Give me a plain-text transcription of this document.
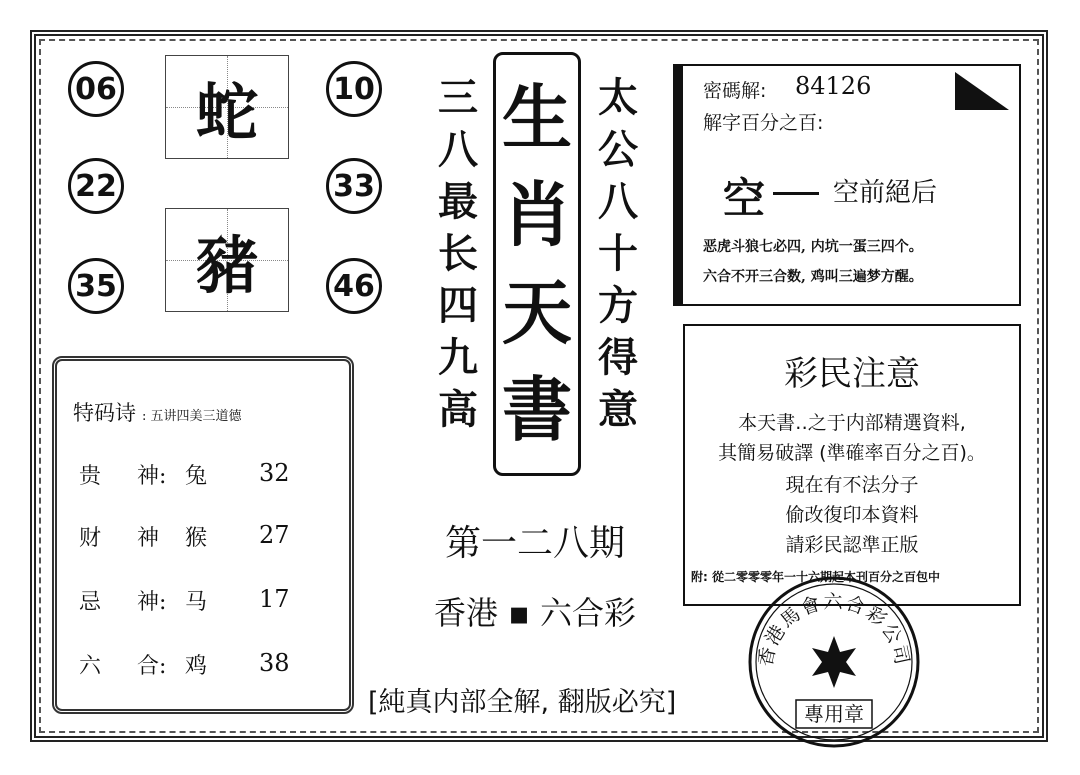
06
22
35
10
33
46
蛇
豬
三
八
最
长
四
九
高
生
肖
天
書
太
公
八
十
方
得
意
密碼解: 84126
解字百分之百:
空	空前絕后
恶虎斗狼七必四, 内坑一蛋三四个。
六合不开三合数, 鸡叫三遍梦方醒。
彩民注意
本天書‥之于内部精選資料,
其簡易破譯 (準確率百分之百)。
現在有不法分子
偷改復印本資料
請彩民認準正版
附: 從二零零零年一十六期起本刊百分之百包中
特码诗 : 五讲四美三道德
贵 神: 兔 32
财 神 猴 27
忌 神: 马 17
六 合: 鸡 38
第一二八期
香港 ▪ 六合彩
[純真内部全解, 翻版必究]
香港馬會六合彩公司
專用章
